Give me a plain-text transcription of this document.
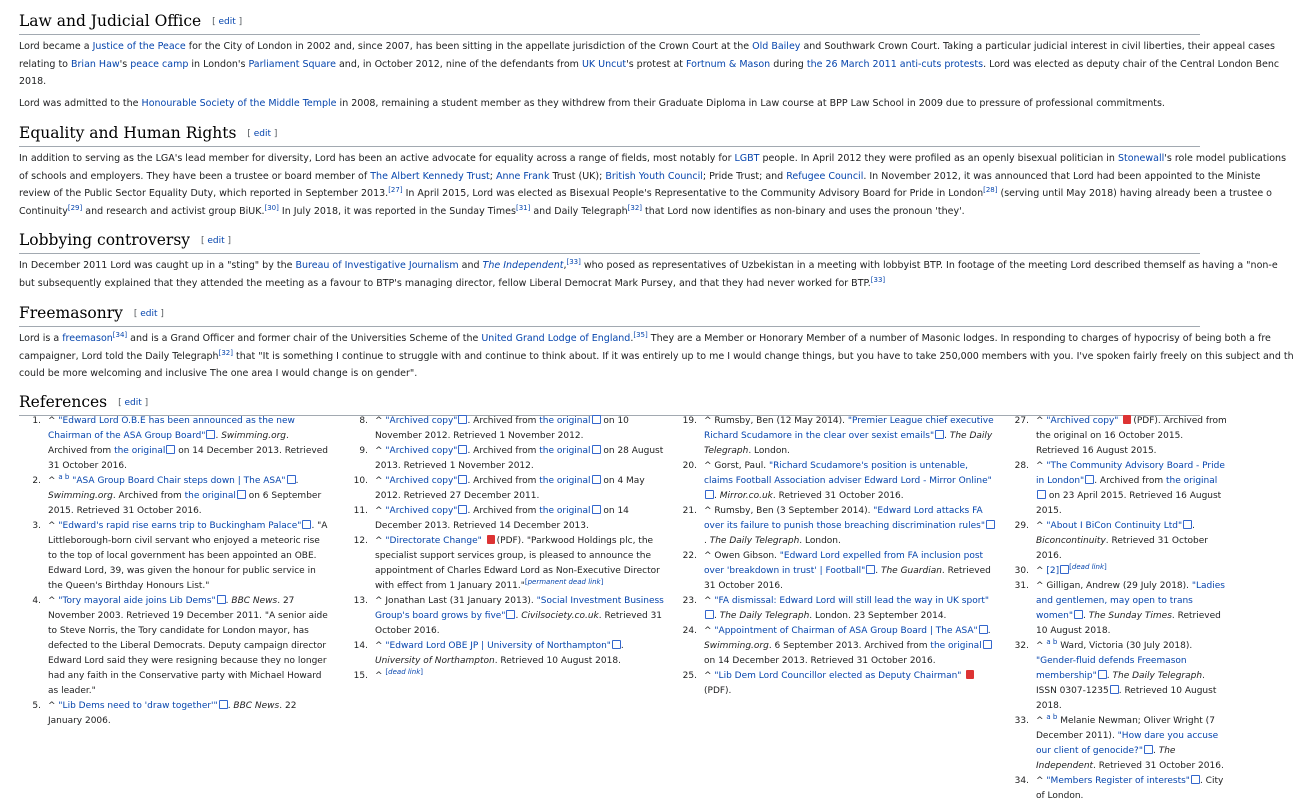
Law and Judicial Office [ edit ]
Lord became a Justice of the Peace for the City of London in 2002 and, since 2007, has been sitting in the appellate jurisdiction of the Crown Court at the Old Bailey and Southwark Crown Court. Taking a particular judicial interest in civil liberties, their appeal cases
relating to Brian Haw's peace camp in London's Parliament Square and, in October 2012, nine of the defendants from UK Uncut's protest at Fortnum & Mason during the 26 March 2011 anti-cuts protests. Lord was elected as deputy chair of the Central London Benc
2018.
Lord was admitted to the Honourable Society of the Middle Temple in 2008, remaining a student member as they withdrew from their Graduate Diploma in Law course at BPP Law School in 2009 due to pressure of professional commitments.
Equality and Human Rights [ edit ]
In addition to serving as the LGA's lead member for diversity, Lord has been an active advocate for equality across a range of fields, most notably for LGBT people. In April 2012 they were profiled as an openly bisexual politician in Stonewall's role model publications
of schools and employers. They have been a trustee or board member of The Albert Kennedy Trust; Anne Frank Trust (UK); British Youth Council; Pride Trust; and Refugee Council. In November 2012, it was announced that Lord had been appointed to the Ministe
review of the Public Sector Equality Duty, which reported in September 2013.[27] In April 2015, Lord was elected as Bisexual People's Representative to the Community Advisory Board for Pride in London[28] (serving until May 2018) having already been a trustee o
Continuity[29] and research and activist group BiUK.[30] In July 2018, it was reported in the Sunday Times[31] and Daily Telegraph[32] that Lord now identifies as non-binary and uses the pronoun 'they'.
Lobbying controversy [ edit ]
In December 2011 Lord was caught up in a "sting" by the Bureau of Investigative Journalism and The Independent,[33] who posed as representatives of Uzbekistan in a meeting with lobbyist BTP. In footage of the meeting Lord described themself as having a "non-e
but subsequently explained that they attended the meeting as a favour to BTP's managing director, fellow Liberal Democrat Mark Pursey, and that they had never worked for BTP.[33]
Freemasonry [ edit ]
Lord is a freemason[34] and is a Grand Officer and former chair of the Universities Scheme of the United Grand Lodge of England.[35] They are a Member or Honorary Member of a number of Masonic lodges. In responding to charges of hypocrisy of being both a fre
campaigner, Lord told the Daily Telegraph[32] that "It is something I continue to struggle with and continue to think about. If it was entirely up to me I would change things, but you have to take 250,000 members with you. I've spoken fairly freely on this subject and th
could be more welcoming and inclusive The one area I would change is on gender".
References [ edit ]
1. ^ "Edward Lord O.B.E has been announced as the new Chairman of the ASA Group Board" . Swimming.org. Archived from the original on 14 December 2013. Retrieved 31 October 2016.
2. ^ $^{a b}$ "ASA Group Board Chair steps down | The ASA" . Swimming.org. Archived from the original on 6 September 2015. Retrieved 31 October 2016.
3. ^ "Edward's rapid rise earns trip to Buckingham Palace" . "A Littleborough-born civil servant who enjoyed a meteoric rise to the top of local government has been appointed an OBE. Edward Lord, 39, was given the honour for public service in the Queen's Birthday Honours List."
4. ^ "Tory mayoral aide joins Lib Dems" . BBC News. 27 November 2003. Retrieved 19 December 2011. "A senior aide to Steve Norris, the Tory candidate for London mayor, has defected to the Liberal Democrats. Deputy campaign director Edward Lord said they were resigning because they no longer had any faith in the Conservative party with Michael Howard as leader."
5. ^ "Lib Dems need to 'draw together'" . BBC News. 22 January 2006.
8. ^ "Archived copy" . Archived from the original on 10 November 2012. Retrieved 1 November 2012.
9. ^ "Archived copy" . Archived from the original on 28 August 2013. Retrieved 1 November 2012.
10. ^ "Archived copy" . Archived from the original on 4 May 2012. Retrieved 27 December 2011.
11. ^ "Archived copy" . Archived from the original on 14 December 2013. Retrieved 14 December 2013.
12. ^ "Directorate Change" (PDF). "Parkwood Holdings plc, the specialist support services group, is pleased to announce the appointment of Charles Edward Lord as Non-Executive Director with effect from 1 January 2011."[permanent dead link]
13. ^ Jonathan Last (31 January 2013). "Social Investment Business Group's board grows by five" . Civilsociety.co.uk. Retrieved 31 October 2016.
14. ^ "Edward Lord OBE JP | University of Northampton" . University of Northampton. Retrieved 10 August 2018.
15. ^ [dead link]
19. ^ Rumsby, Ben (12 May 2014). "Premier League chief executive Richard Scudamore in the clear over sexist emails" . The Daily Telegraph. London.
20. ^ Gorst, Paul. "Richard Scudamore's position is untenable, claims Football Association adviser Edward Lord - Mirror Online". Mirror.co.uk. Retrieved 31 October 2016.
21. ^ Rumsby, Ben (3 September 2014). "Edward Lord attacks FA over its failure to punish those breaching discrimination rules". The Daily Telegraph. London.
22. ^ Owen Gibson. "Edward Lord expelled from FA inclusion post over 'breakdown in trust' | Football" . The Guardian. Retrieved 31 October 2016.
23. ^ "FA dismissal: Edward Lord will still lead the way in UK sport". The Daily Telegraph. London. 23 September 2014.
24. ^ "Appointment of Chairman of ASA Group Board | The ASA" . Swimming.org. 6 September 2013. Archived from the original on 14 December 2013. Retrieved 31 October 2016.
25. ^ "Lib Dem Lord Councillor elected as Deputy Chairman" (PDF).
27. ^ "Archived copy" (PDF). Archived from the original on 16 October 2015. Retrieved 16 August 2015.
28. ^ "The Community Advisory Board - Pride in London" . Archived from the original on 23 April 2015. Retrieved 16 August 2015.
29. ^ "About I BiCon Continuity Ltd" . Biconcontinuity. Retrieved 31 October 2016.
30. ^ [2] [dead link]
31. ^ Gilligan, Andrew (29 July 2018). "Ladies and gentlemen, may open to trans women" . The Sunday Times. Retrieved 10 August 2018.
32. ^ $^{a b}$ Ward, Victoria (30 July 2018). "Gender-fluid defends Freemason membership" . The Daily Telegraph. ISSN 0307-1235 . Retrieved 10 August 2018.
33. ^ $^{a b}$ Melanie Newman; Oliver Wright (7 December 2011). "How dare you accuse our client of genocide?" . The Independent. Retrieved 31 October 2016.
34. ^ "Members Register of interests" . City of London.
